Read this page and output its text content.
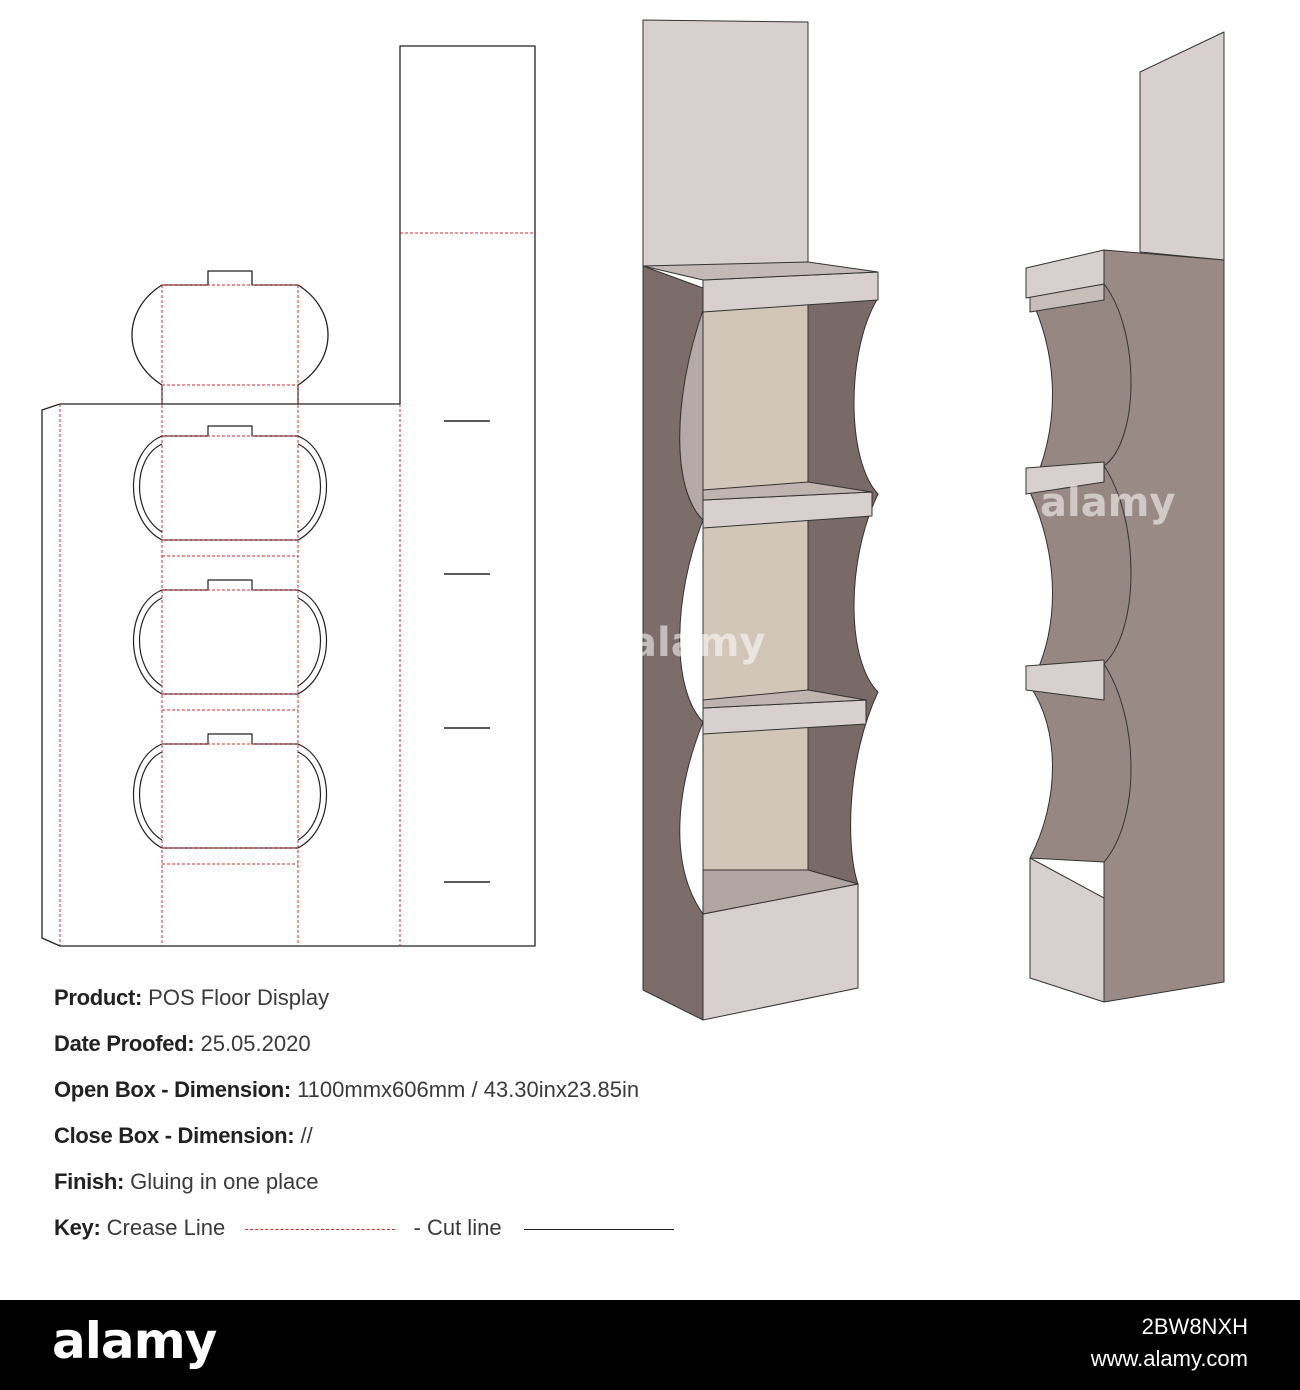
alamy
alamy
Product: POS Floor Display
Date Proofed: 25.05.2020
Open Box - Dimension: 1100mmx606mm / 43.30inx23.85in
Close Box - Dimension: //
Finish: Gluing in one place
Key: Crease Line	- Cut line
alamy	2BW8NXH
www.alamy.com
